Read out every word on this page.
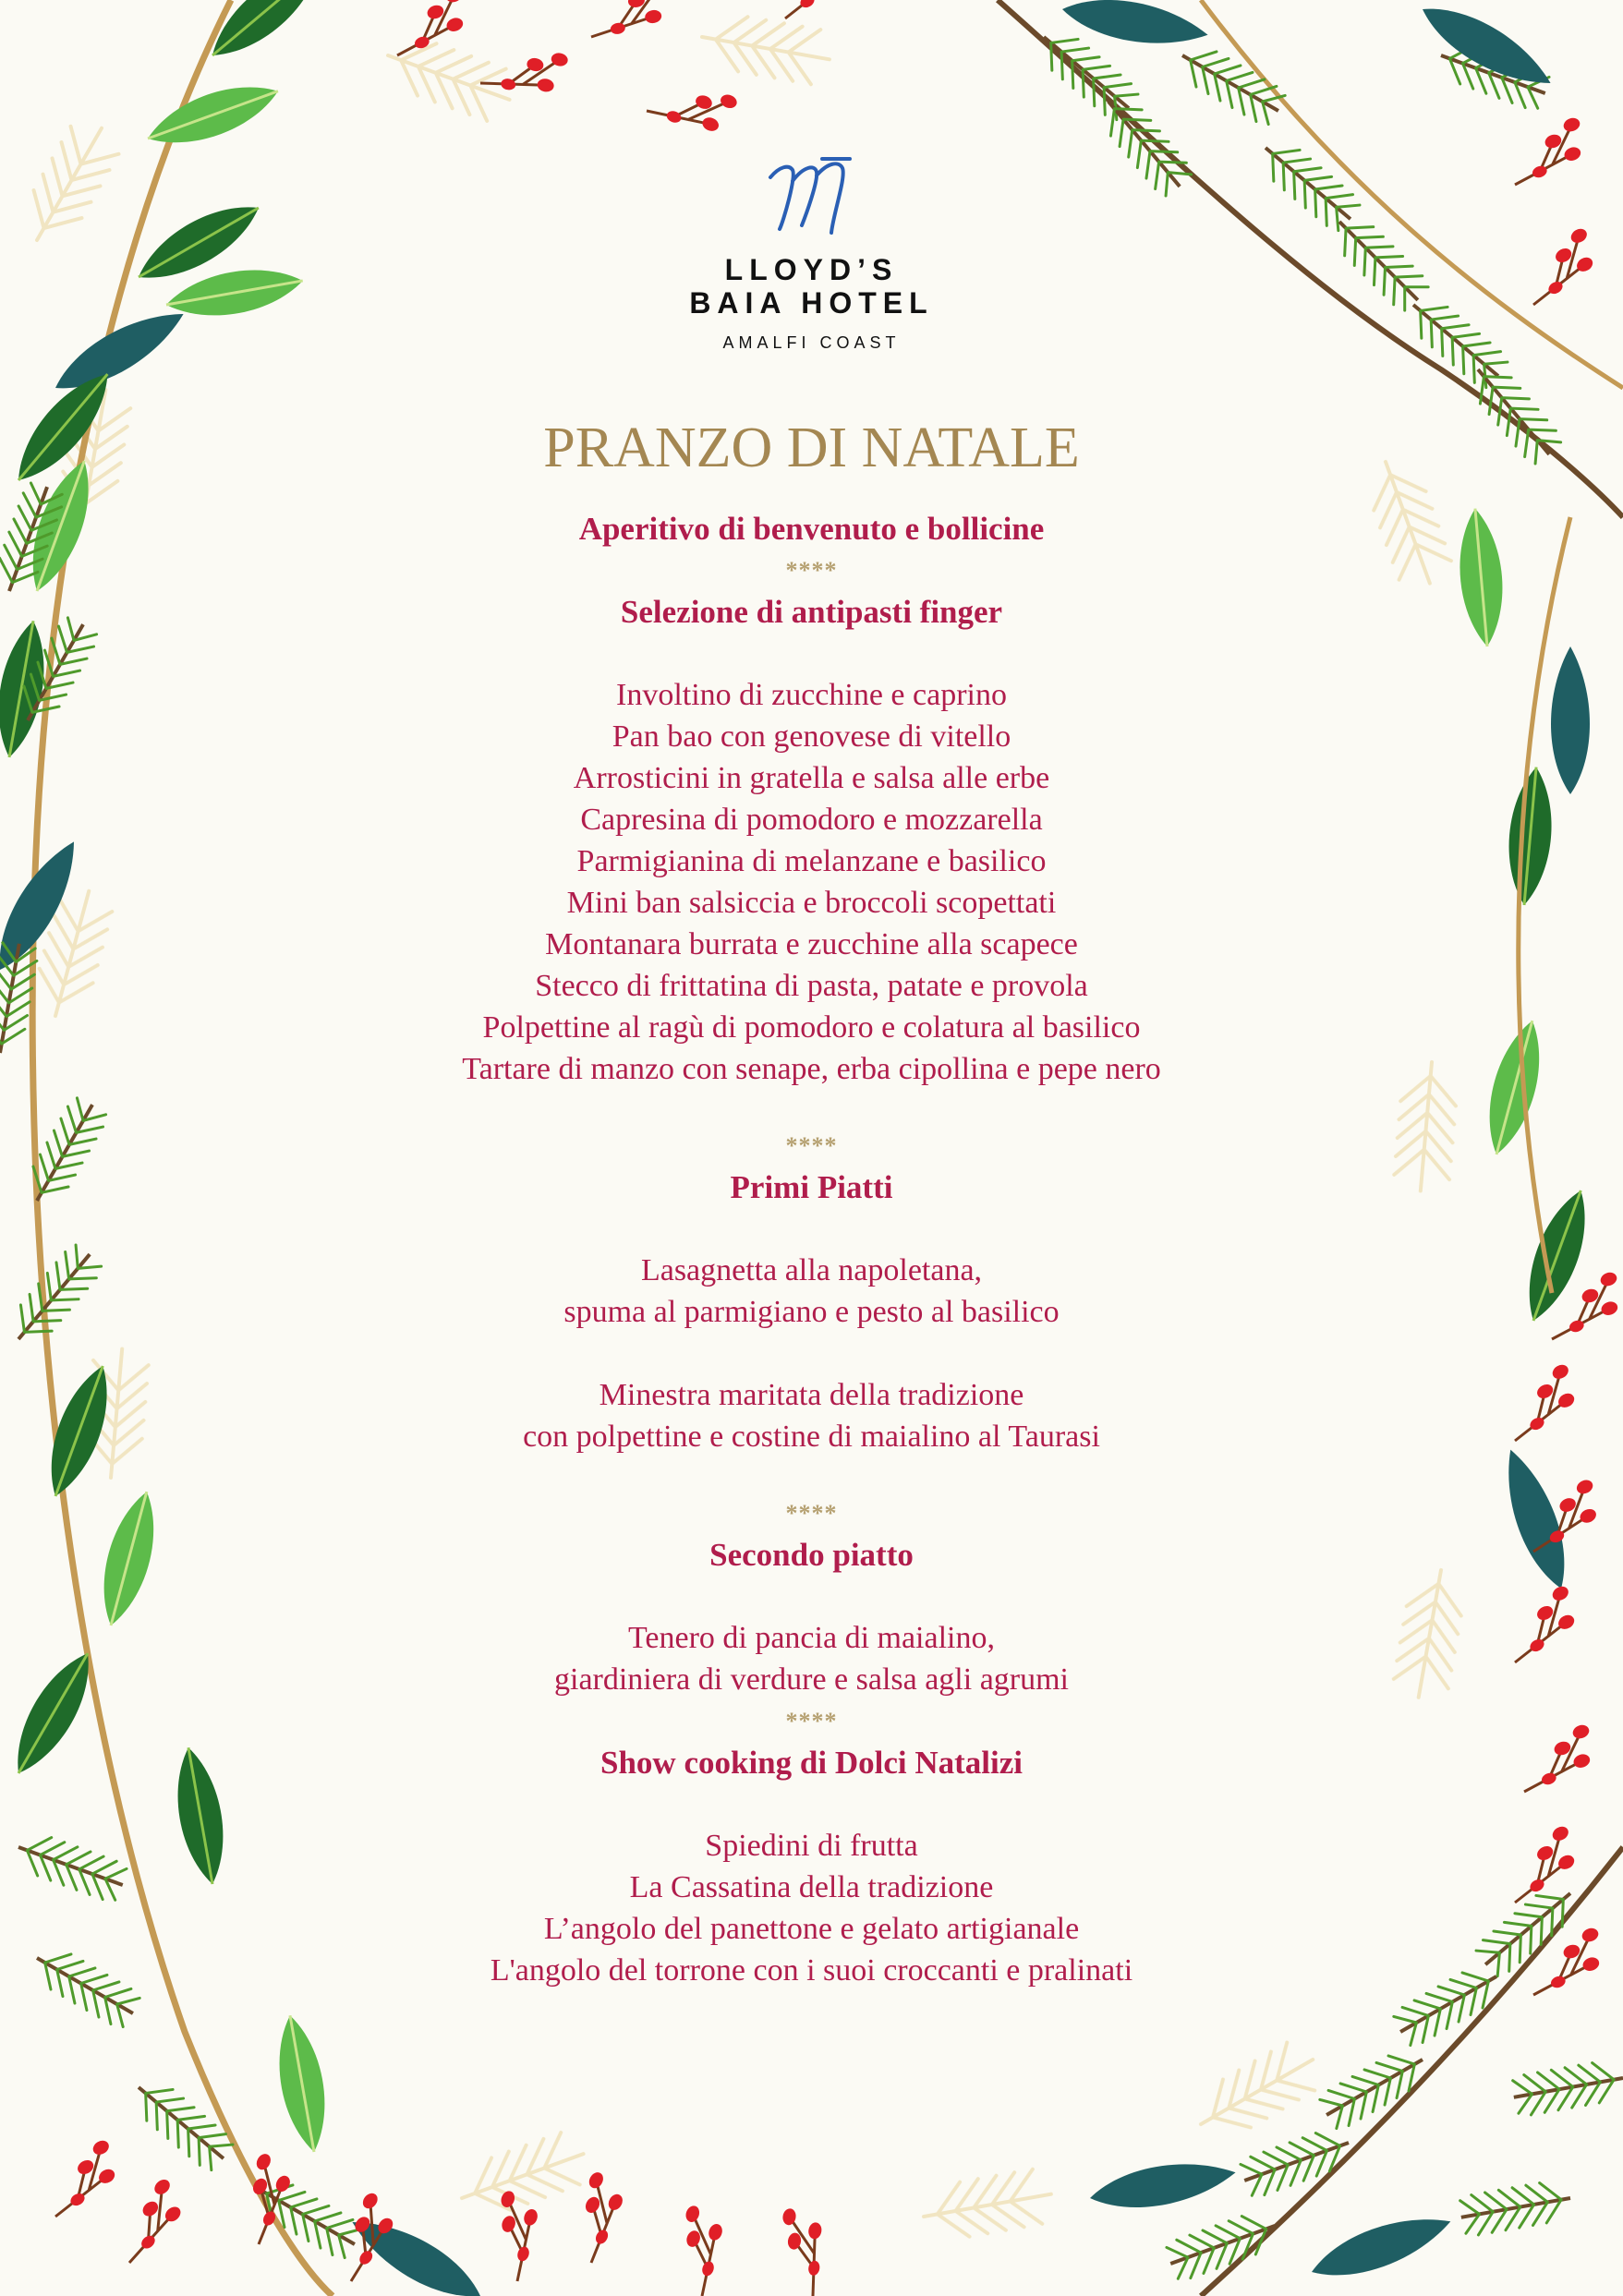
LLOYD’S
BAIA HOTEL
AMALFI COAST
PRANZO DI NATALE
Aperitivo di benvenuto e bollicine
****
Selezione di antipasti finger
Involtino di zucchine e caprino
Pan bao con genovese di vitello
Arrosticini in gratella e salsa alle erbe
Capresina di pomodoro e mozzarella
Parmigianina di melanzane e basilico
Mini ban salsiccia e broccoli scopettati
Montanara burrata e zucchine alla scapece
Stecco di frittatina di pasta, patate e provola
Polpettine al ragù di pomodoro e colatura al basilico
Tartare di manzo con senape, erba cipollina e pepe nero
****
Primi Piatti
Lasagnetta alla napoletana,
spuma al parmigiano e pesto al basilico
Minestra maritata della tradizione
con polpettine e costine di maialino al Taurasi
****
Secondo piatto
Tenero di pancia di maialino,
giardiniera di verdure e salsa agli agrumi
****
Show cooking di Dolci Natalizi
Spiedini di frutta
La Cassatina della tradizione
L’angolo del panettone e gelato artigianale
L'angolo del torrone con i suoi croccanti e pralinati
